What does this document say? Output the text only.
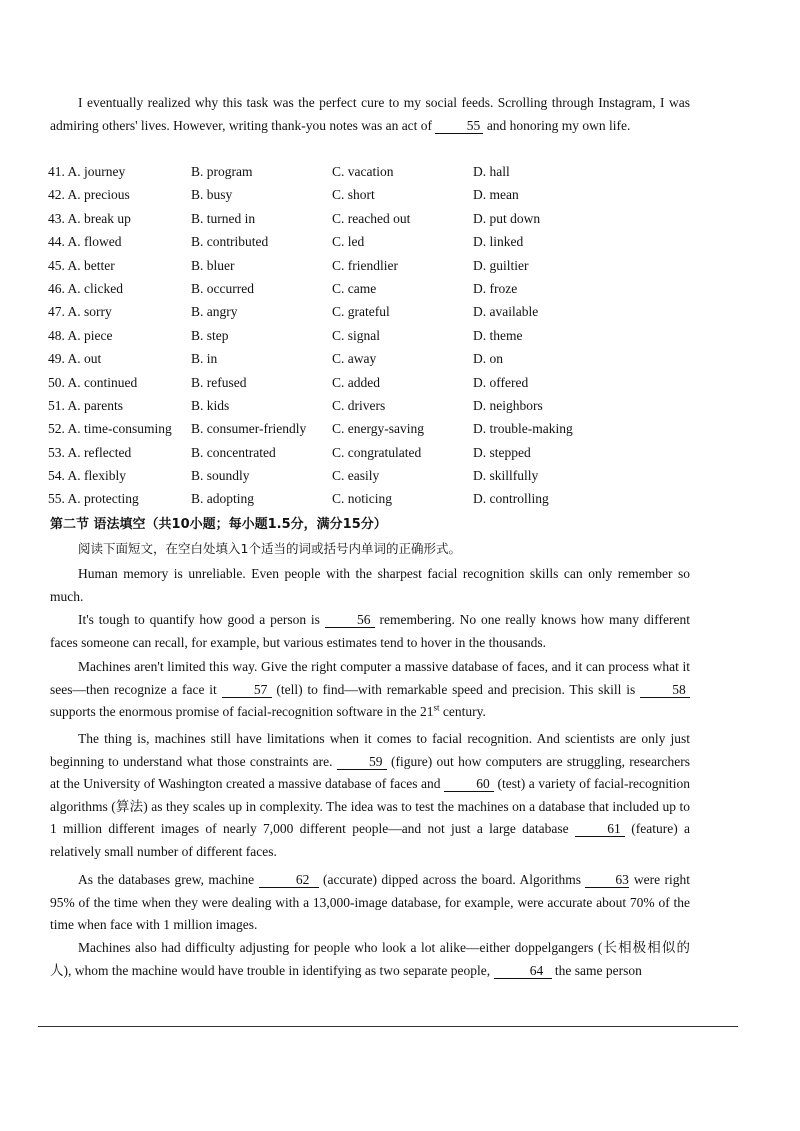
I eventually realized why this task was the perfect cure to my social feeds. Scrolling through Instagram, I was admiring others' lives. However, writing thank-you notes was an act of 55 and honoring my own life.

41. A. journey	B. program	C. vacation	D. hall
42. A. precious	B. busy	C. short	D. mean
43. A. break up	B. turned in	C. reached out	D. put down
44. A. flowed	B. contributed	C. led	D. linked
45. A. better	B. bluer	C. friendlier	D. guiltier
46. A. clicked	B. occurred	C. came	D. froze
47. A. sorry	B. angry	C. grateful	D. available
48. A. piece	B. step	C. signal	D. theme
49. A. out	B. in	C. away	D. on
50. A. continued	B. refused	C. added	D. offered
51. A. parents	B. kids	C. drivers	D. neighbors
52. A. time-consuming B. consumer-friendly C. energy-saving	D. trouble-making
53. A. reflected	B. concentrated	C. congratulated	D. stepped
54. A. flexibly	B. soundly	C. easily	D. skillfully
55. A. protecting	B. adopting	C. noticing	D. controlling
第二节 语法填空（共10小题；每小题1.5分，满分15分）
阅读下面短文，在空白处填入1个适当的词或括号内单词的正确形式。

Human memory is unreliable. Even people with the sharpest facial recognition skills can only remember so much.

It's tough to quantify how good a person is 56 remembering. No one really knows how many different faces someone can recall, for example, but various estimates tend to hover in the thousands.

Machines aren't limited this way. Give the right computer a massive database of faces, and it can process what it sees—then recognize a face it 57 (tell) to find—with remarkable speed and precision. This skill is 58 supports the enormous promise of facial-recognition software in the 21st century.

The thing is, machines still have limitations when it comes to facial recognition. And scientists are only just beginning to understand what those constraints are. 59 (figure) out how computers are struggling, researchers at the University of Washington created a massive database of faces and 60 (test) a variety of facial-recognition algorithms (算法) as they scales up in complexity. The idea was to test the machines on a database that included up to 1 million different images of nearly 7,000 different people—and not just a large database 61 (feature) a relatively small number of different faces.

As the databases grew, machine	62 (accurate) dipped across the board. Algorithms 63 were right 95% of the time when they were dealing with a 13,000-image database, for example, were accurate about 70% of the time when face with 1 million images.

Machines also had difficulty adjusting for people who look a lot alike—either doppelgangers (长相极相似的人), whom the machine would have trouble in identifying as two separate people,	64 the same person
